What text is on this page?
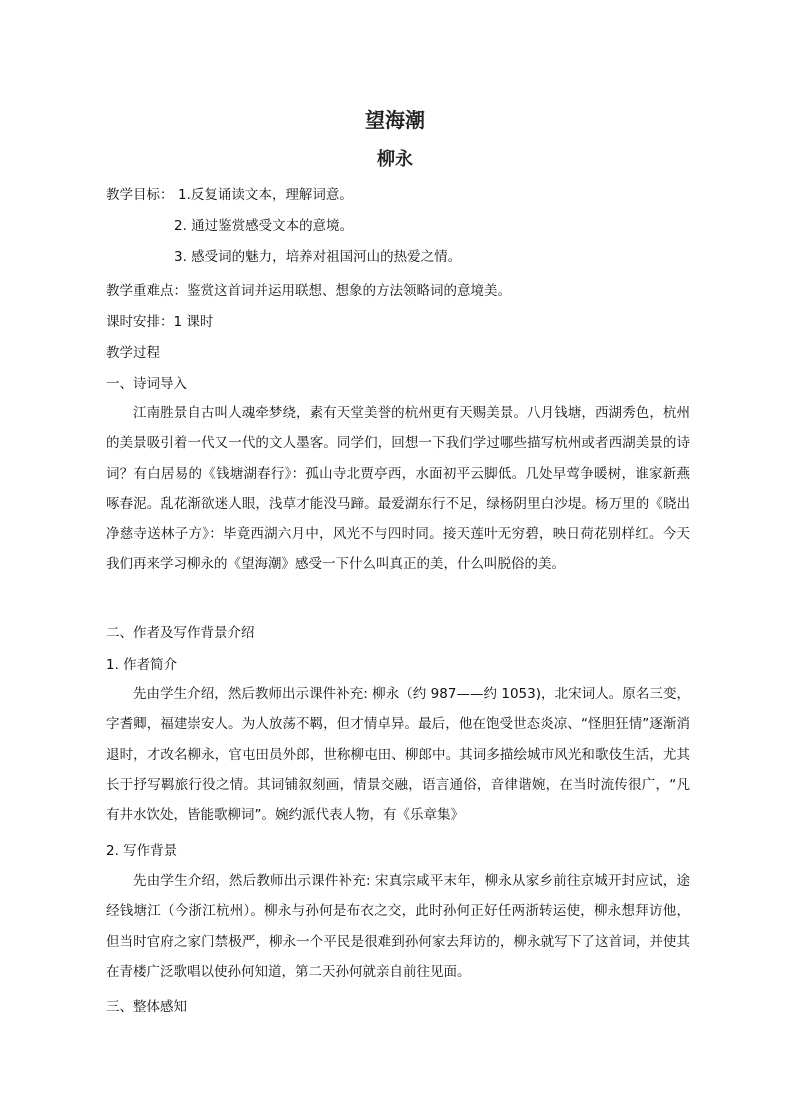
望海潮
柳永
教学目标： 1.反复诵读文本，理解词意。
2. 通过鉴赏感受文本的意境。
3. 感受词的魅力，培养对祖国河山的热爱之情。
教学重难点：鉴赏这首词并运用联想、想象的方法领略词的意境美。
课时安排：1 课时
教学过程
一、诗词导入
江南胜景自古叫人魂牵梦绕，素有天堂美誉的杭州更有天赐美景。八月钱塘，西湖秀色，杭州的美景吸引着一代又一代的文人墨客。同学们，回想一下我们学过哪些描写杭州或者西湖美景的诗词？有白居易的《钱塘湖春行》：孤山寺北贾亭西，水面初平云脚低。几处早莺争暖树，谁家新燕啄春泥。乱花渐欲迷人眼，浅草才能没马蹄。最爱湖东行不足，绿杨阴里白沙堤。杨万里的《晓出净慈寺送林子方》：毕竟西湖六月中，风光不与四时同。接天莲叶无穷碧，映日荷花别样红。今天我们再来学习柳永的《望海潮》感受一下什么叫真正的美，什么叫脱俗的美。
二、作者及写作背景介绍
1. 作者简介
先由学生介绍，然后教师出示课件补充: 柳永（约 987——约 1053)，北宋词人。原名三变，字耆卿，福建崇安人。为人放荡不羁，但才情卓异。最后，他在饱受世态炎凉、“怪胆狂情”逐渐消退时，才改名柳永，官屯田员外郎，世称柳屯田、柳郎中。其词多描绘城市风光和歌伎生活，尤其长于抒写羁旅行役之情。其词铺叙刻画，情景交融，语言通俗，音律谐婉，在当时流传很广，“凡有井水饮处，皆能歌柳词”。婉约派代表人物，有《乐章集》
2. 写作背景
先由学生介绍，然后教师出示课件补充: 宋真宗咸平末年，柳永从家乡前往京城开封应试，途经钱塘江（今浙江杭州）。柳永与孙何是布衣之交，此时孙何正好任两浙转运使，柳永想拜访他，但当时官府之家门禁极严，柳永一个平民是很难到孙何家去拜访的，柳永就写下了这首词，并使其在青楼广泛歌唱以使孙何知道，第二天孙何就亲自前往见面。
三、整体感知
